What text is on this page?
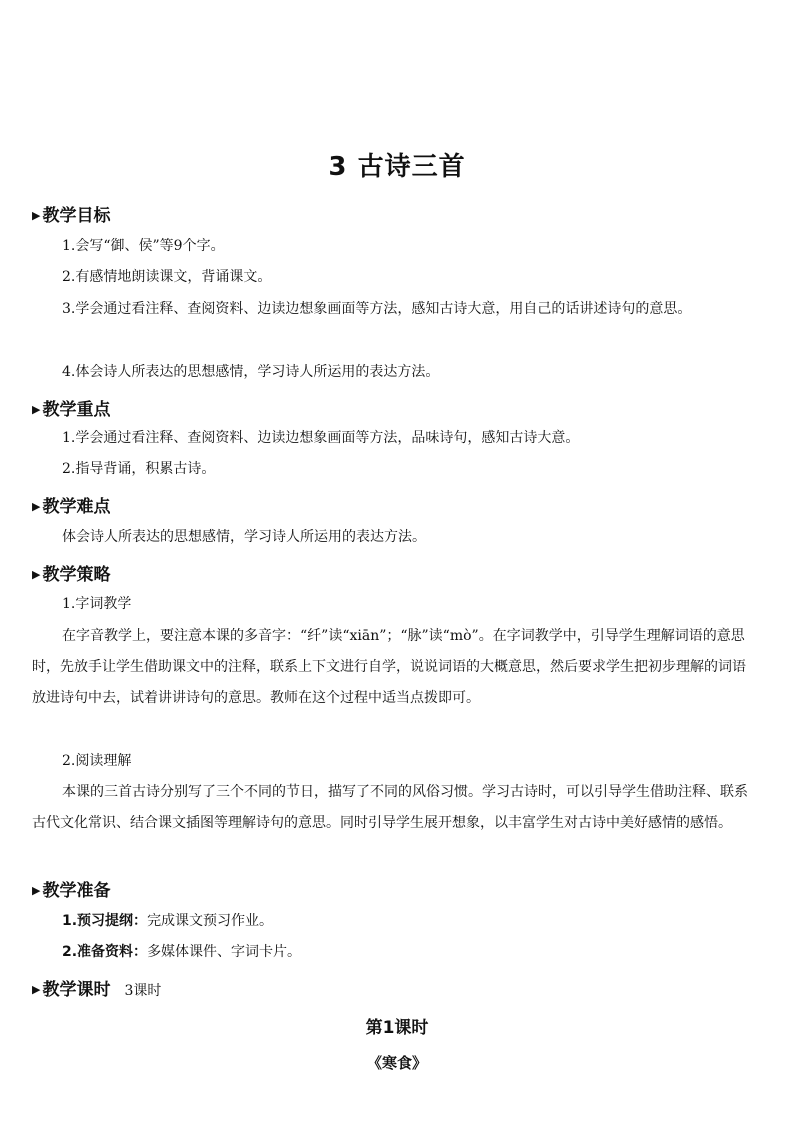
3 古诗三首
▶ 教学目标
1.会写“御、侯”等9个字。
2.有感情地朗读课文，背诵课文。
3.学会通过看注释、查阅资料、边读边想象画面等方法，感知古诗大意，用自己的话讲述诗句的意思。
4.体会诗人所表达的思想感情，学习诗人所运用的表达方法。
▶ 教学重点
1.学会通过看注释、查阅资料、边读边想象画面等方法，品味诗句，感知古诗大意。
2.指导背诵，积累古诗。
▶ 教学难点
体会诗人所表达的思想感情，学习诗人所运用的表达方法。
▶ 教学策略
1.字词教学
在字音教学上，要注意本课的多音字：“纤”读“xiān”；“脉”读“mò”。在字词教学中，引导学生理解词语的意思时，先放手让学生借助课文中的注释，联系上下文进行自学，说说词语的大概意思，然后要求学生把初步理解的词语放进诗句中去，试着讲讲诗句的意思。教师在这个过程中适当点拨即可。
2.阅读理解
本课的三首古诗分别写了三个不同的节日，描写了不同的风俗习惯。学习古诗时，可以引导学生借助注释、联系古代文化常识、结合课文插图等理解诗句的意思。同时引导学生展开想象，以丰富学生对古诗中美好感情的感悟。
▶ 教学准备
1.预习提纲：完成课文预习作业。
2.准备资料：多媒体课件、字词卡片。
▶ 教学课时 3课时
第1课时
《寒食》
